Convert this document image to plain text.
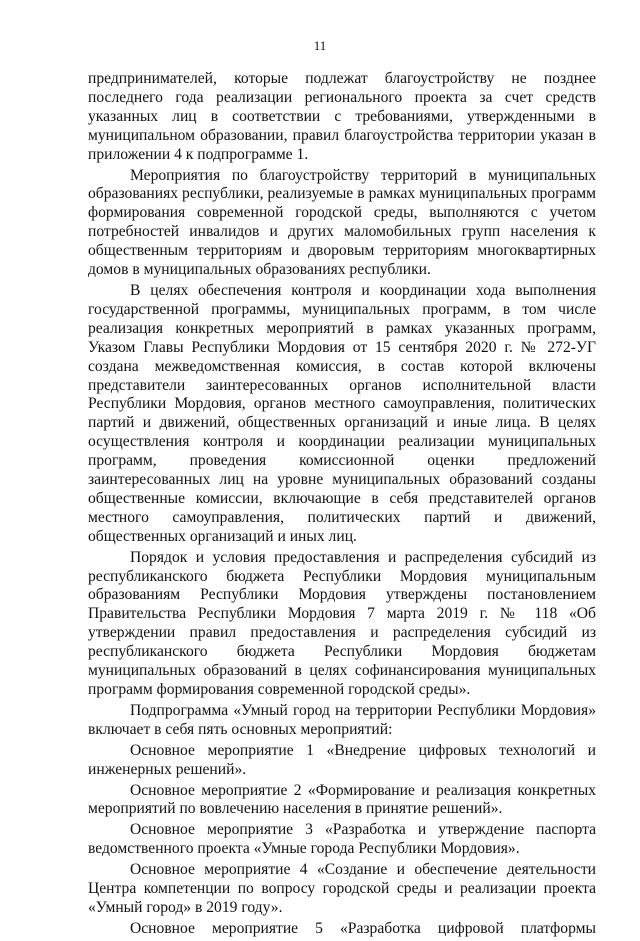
11

предпринимателей, которые подлежат благоустройству не позднее последнего года реализации регионального проекта за счет средств указанных лиц в соответствии с требованиями, утвержденными в муниципальном образовании, правил благоустройства территории указан в приложении 4 к подпрограмме 1.

Мероприятия по благоустройству территорий в муниципальных образованиях республики, реализуемые в рамках муниципальных программ формирования современной городской среды, выполняются с учетом потребностей инвалидов и других маломобильных групп населения к общественным территориям и дворовым территориям многоквартирных домов в муниципальных образованиях республики.

В целях обеспечения контроля и координации хода выполнения государственной программы, муниципальных программ, в том числе реализация конкретных мероприятий в рамках указанных программ, Указом Главы Республики Мордовия от 15 сентября 2020 г. № 272-УГ создана межведомственная комиссия, в состав которой включены представители заинтересованных органов исполнительной власти Республики Мордовия, органов местного самоуправления, политических партий и движений, общественных организаций и иные лица. В целях осуществления контроля и координации реализации муниципальных программ, проведения комиссионной оценки предложений заинтересованных лиц на уровне муниципальных образований созданы общественные комиссии, включающие в себя представителей органов местного самоуправления, политических партий и движений, общественных организаций и иных лиц.

Порядок и условия предоставления и распределения субсидий из республиканского бюджета Республики Мордовия муниципальным образованиям Республики Мордовия утверждены постановлением Правительства Республики Мордовия 7 марта 2019 г. № 118 «Об утверждении правил предоставления и распределения субсидий из республиканского бюджета Республики Мордовия бюджетам муниципальных образований в целях софинансирования муниципальных программ формирования современной городской среды».

Подпрограмма «Умный город на территории Республики Мордовия» включает в себя пять основных мероприятий:

Основное мероприятие 1 «Внедрение цифровых технологий и инженерных решений».

Основное мероприятие 2 «Формирование и реализация конкретных мероприятий по вовлечению населения в принятие решений».

Основное мероприятие 3 «Разработка и утверждение паспорта ведомственного проекта «Умные города Республики Мордовия».

Основное мероприятие 4 «Создание и обеспечение деятельности Центра компетенции по вопросу городской среды и реализации проекта «Умный город» в 2019 году».

Основное мероприятие 5 «Разработка цифровой платформы
